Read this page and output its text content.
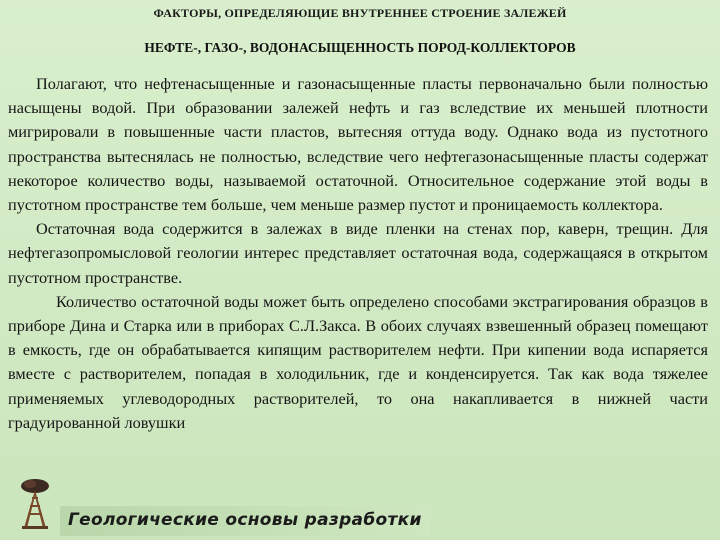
ФАКТОРЫ, ОПРЕДЕЛЯЮЩИЕ ВНУТРЕННЕЕ СТРОЕНИЕ ЗАЛЕЖЕЙ
НЕФТЕ-, ГАЗО-, ВОДОНАСЫЩЕННОСТЬ ПОРОД-КОЛЛЕКТОРОВ

Полагают, что нефтенасыщенные и газонасыщенные пласты первоначально были полностью насыщены водой. При образовании залежей нефть и газ вследствие их меньшей плотности мигрировали в повышенные части пластов, вытесняя оттуда воду. Однако вода из пустотного пространства вытеснялась не полностью, вследствие чего нефтегазонасыщенные пласты содержат некоторое количество воды, называемой остаточной. Относительное содержание этой воды в пустотном пространстве тем больше, чем меньше размер пустот и проницаемость коллектора.

Остаточная вода содержится в залежах в виде пленки на стенах пор, каверн, трещин. Для нефтегазопромысловой геологии интерес представляет остаточная вода, содержащаяся в открытом пустотном пространстве.

Количество остаточной воды может быть определено способами экстрагирования образцов в приборе Дина и Старка или в приборах С.Л.Закса. В обоих случаях взвешенный образец помещают в емкость, где он обрабатывается кипящим растворителем нефти. При кипении вода испаряется вместе с растворителем, попадая в холодильник, где и конденсируется. Так как вода тяжелее применяемых углеводородных растворителей, то она накапливается в нижней части градуированной ловушки

Геологические основы разработки
